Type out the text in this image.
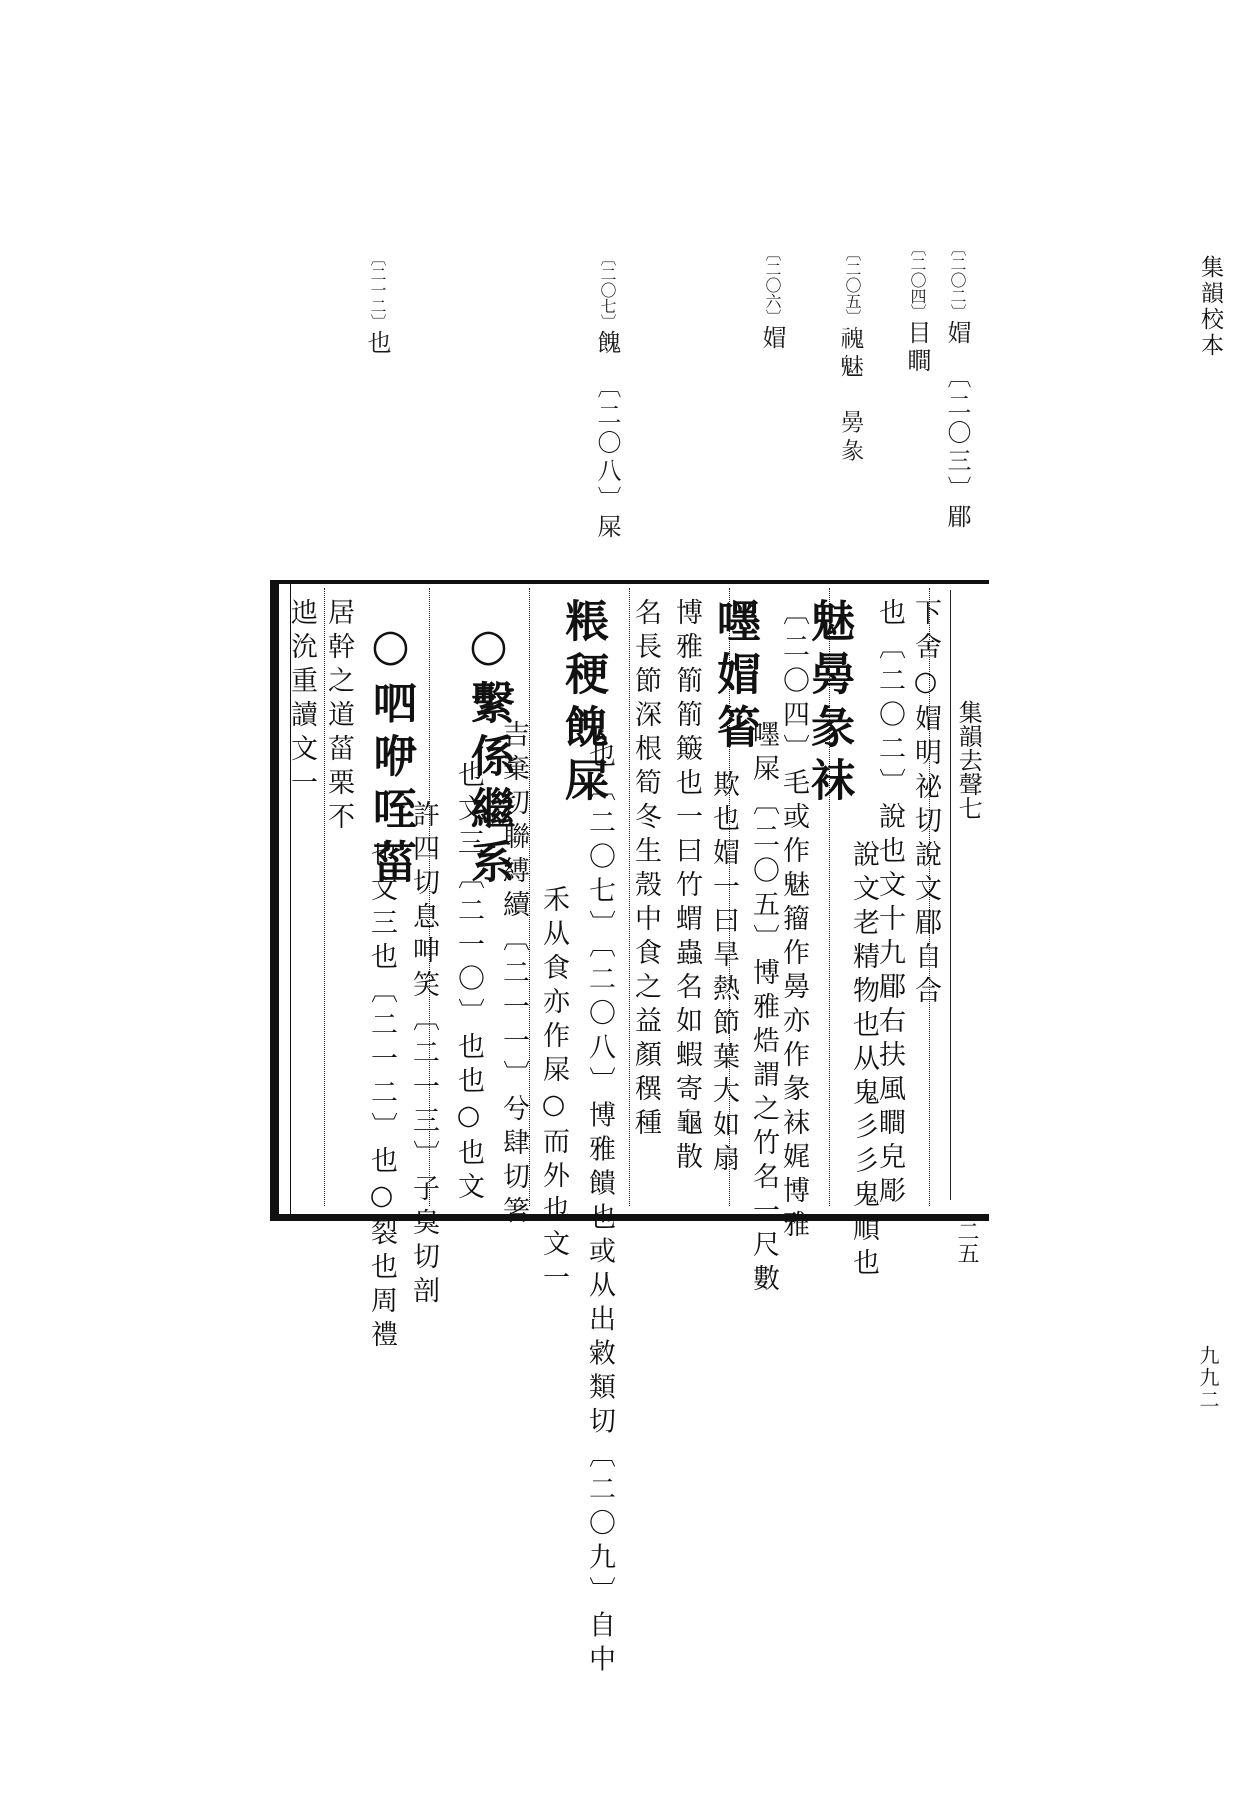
集韻校本
九九二
〔二〇二〕媢　〔二〇三〕郿
〔二〇四〕目瞷
〔二〇五〕𩲡魅　㬅彖
〔二〇六〕媢
〔二〇七〕餽　〔二〇八〕屎
〔二一二〕也
集韻去聲七
二五
下舍○媢明祕切說文郿自合
也〔二〇二〕說也文十九郿右扶風瞷皃彫
魅㬅彖袜
〔二〇四〕毛或作魅籀作㬅亦作彖袜娓博雅 說文老精物也从鬼彡彡鬼順也
嚜媢箵
欺也媢一曰旱熱節葉大如扇 嚜屎〔二〇五〕博雅焅謂之竹名一尺數
博雅箾箾簸也一曰竹蝟蟲名如蝦寄龜散
名長節深根筍冬生殼中食之益顏穓種
粻稉餽屎
也〔二〇七〕〔二〇八〕博雅饋也或从出敹類切〔二〇九〕自中
禾从食亦作屎○而外也文一
○繫係繼系
也文三〔二一〇〕也也○也文一 吉棄切聯縛續〔二一一〕兮肆切箸
○呬咿咥菑
也文三也〔二一二〕也○裂也周禮 許四切息呻笑〔二一三〕子臭切剖
居幹之道菑栗不
迆沇重讀文一
